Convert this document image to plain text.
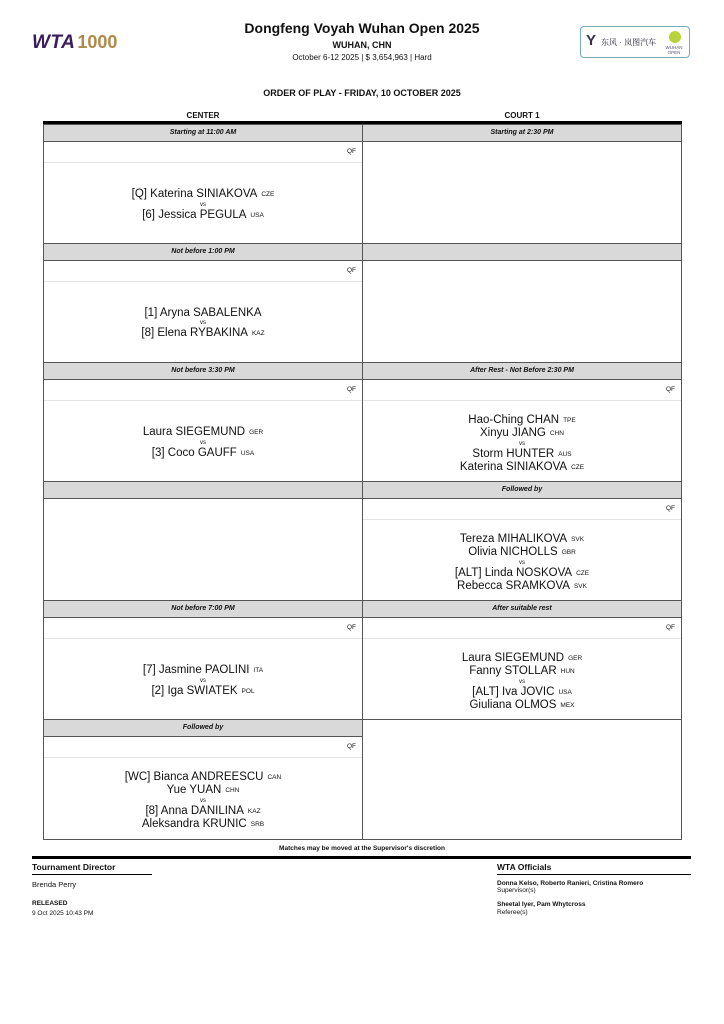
WTA 1000
Dongfeng Voyah Wuhan Open 2025
WUHAN, CHN
October 6-12 2025 | $ 3,654,963 | Hard
Y 东风 · 岚图汽车
WUHAN OPEN
ORDER OF PLAY - FRIDAY, 10 OCTOBER 2025
CENTER	COURT 1
Starting at 11:00 AM
QF
[Q] Katerina SINIAKOVA CZE
vs
[6] Jessica PEGULA USA
Not before 1:00 PM
QF
[1] Aryna SABALENKA
vs
[8] Elena RYBAKINA KAZ
Not before 3:30 PM
QF
Laura SIEGEMUND GER
vs
[3] Coco GAUFF USA
Not before 7:00 PM
QF
[7] Jasmine PAOLINI ITA
vs
[2] Iga SWIATEK POL
Followed by
QF
[WC] Bianca ANDREESCU CAN
Yue YUAN CHN
vs
[8] Anna DANILINA KAZ
Aleksandra KRUNIC SRB
Starting at 2:30 PM
After Rest - Not Before 2:30 PM
QF
Hao-Ching CHAN TPE
Xinyu JIANG CHN
vs
Storm HUNTER AUS
Katerina SINIAKOVA CZE
Followed by
QF
Tereza MIHALIKOVA SVK
Olivia NICHOLLS GBR
vs
[ALT] Linda NOSKOVA CZE
Rebecca SRAMKOVA SVK
After suitable rest
QF
Laura SIEGEMUND GER
Fanny STOLLAR HUN
vs
[ALT] Iva JOVIC USA
Giuliana OLMOS MEX
Matches may be moved at the Supervisor's discretion
Tournament Director
Brenda Perry
RELEASED
9 Oct 2025 10:43 PM
WTA Officials
Donna Kelso, Roberto Ranieri, Cristina Romero
Supervisor(s)
Sheetal Iyer, Pam Whytcross
Referee(s)
